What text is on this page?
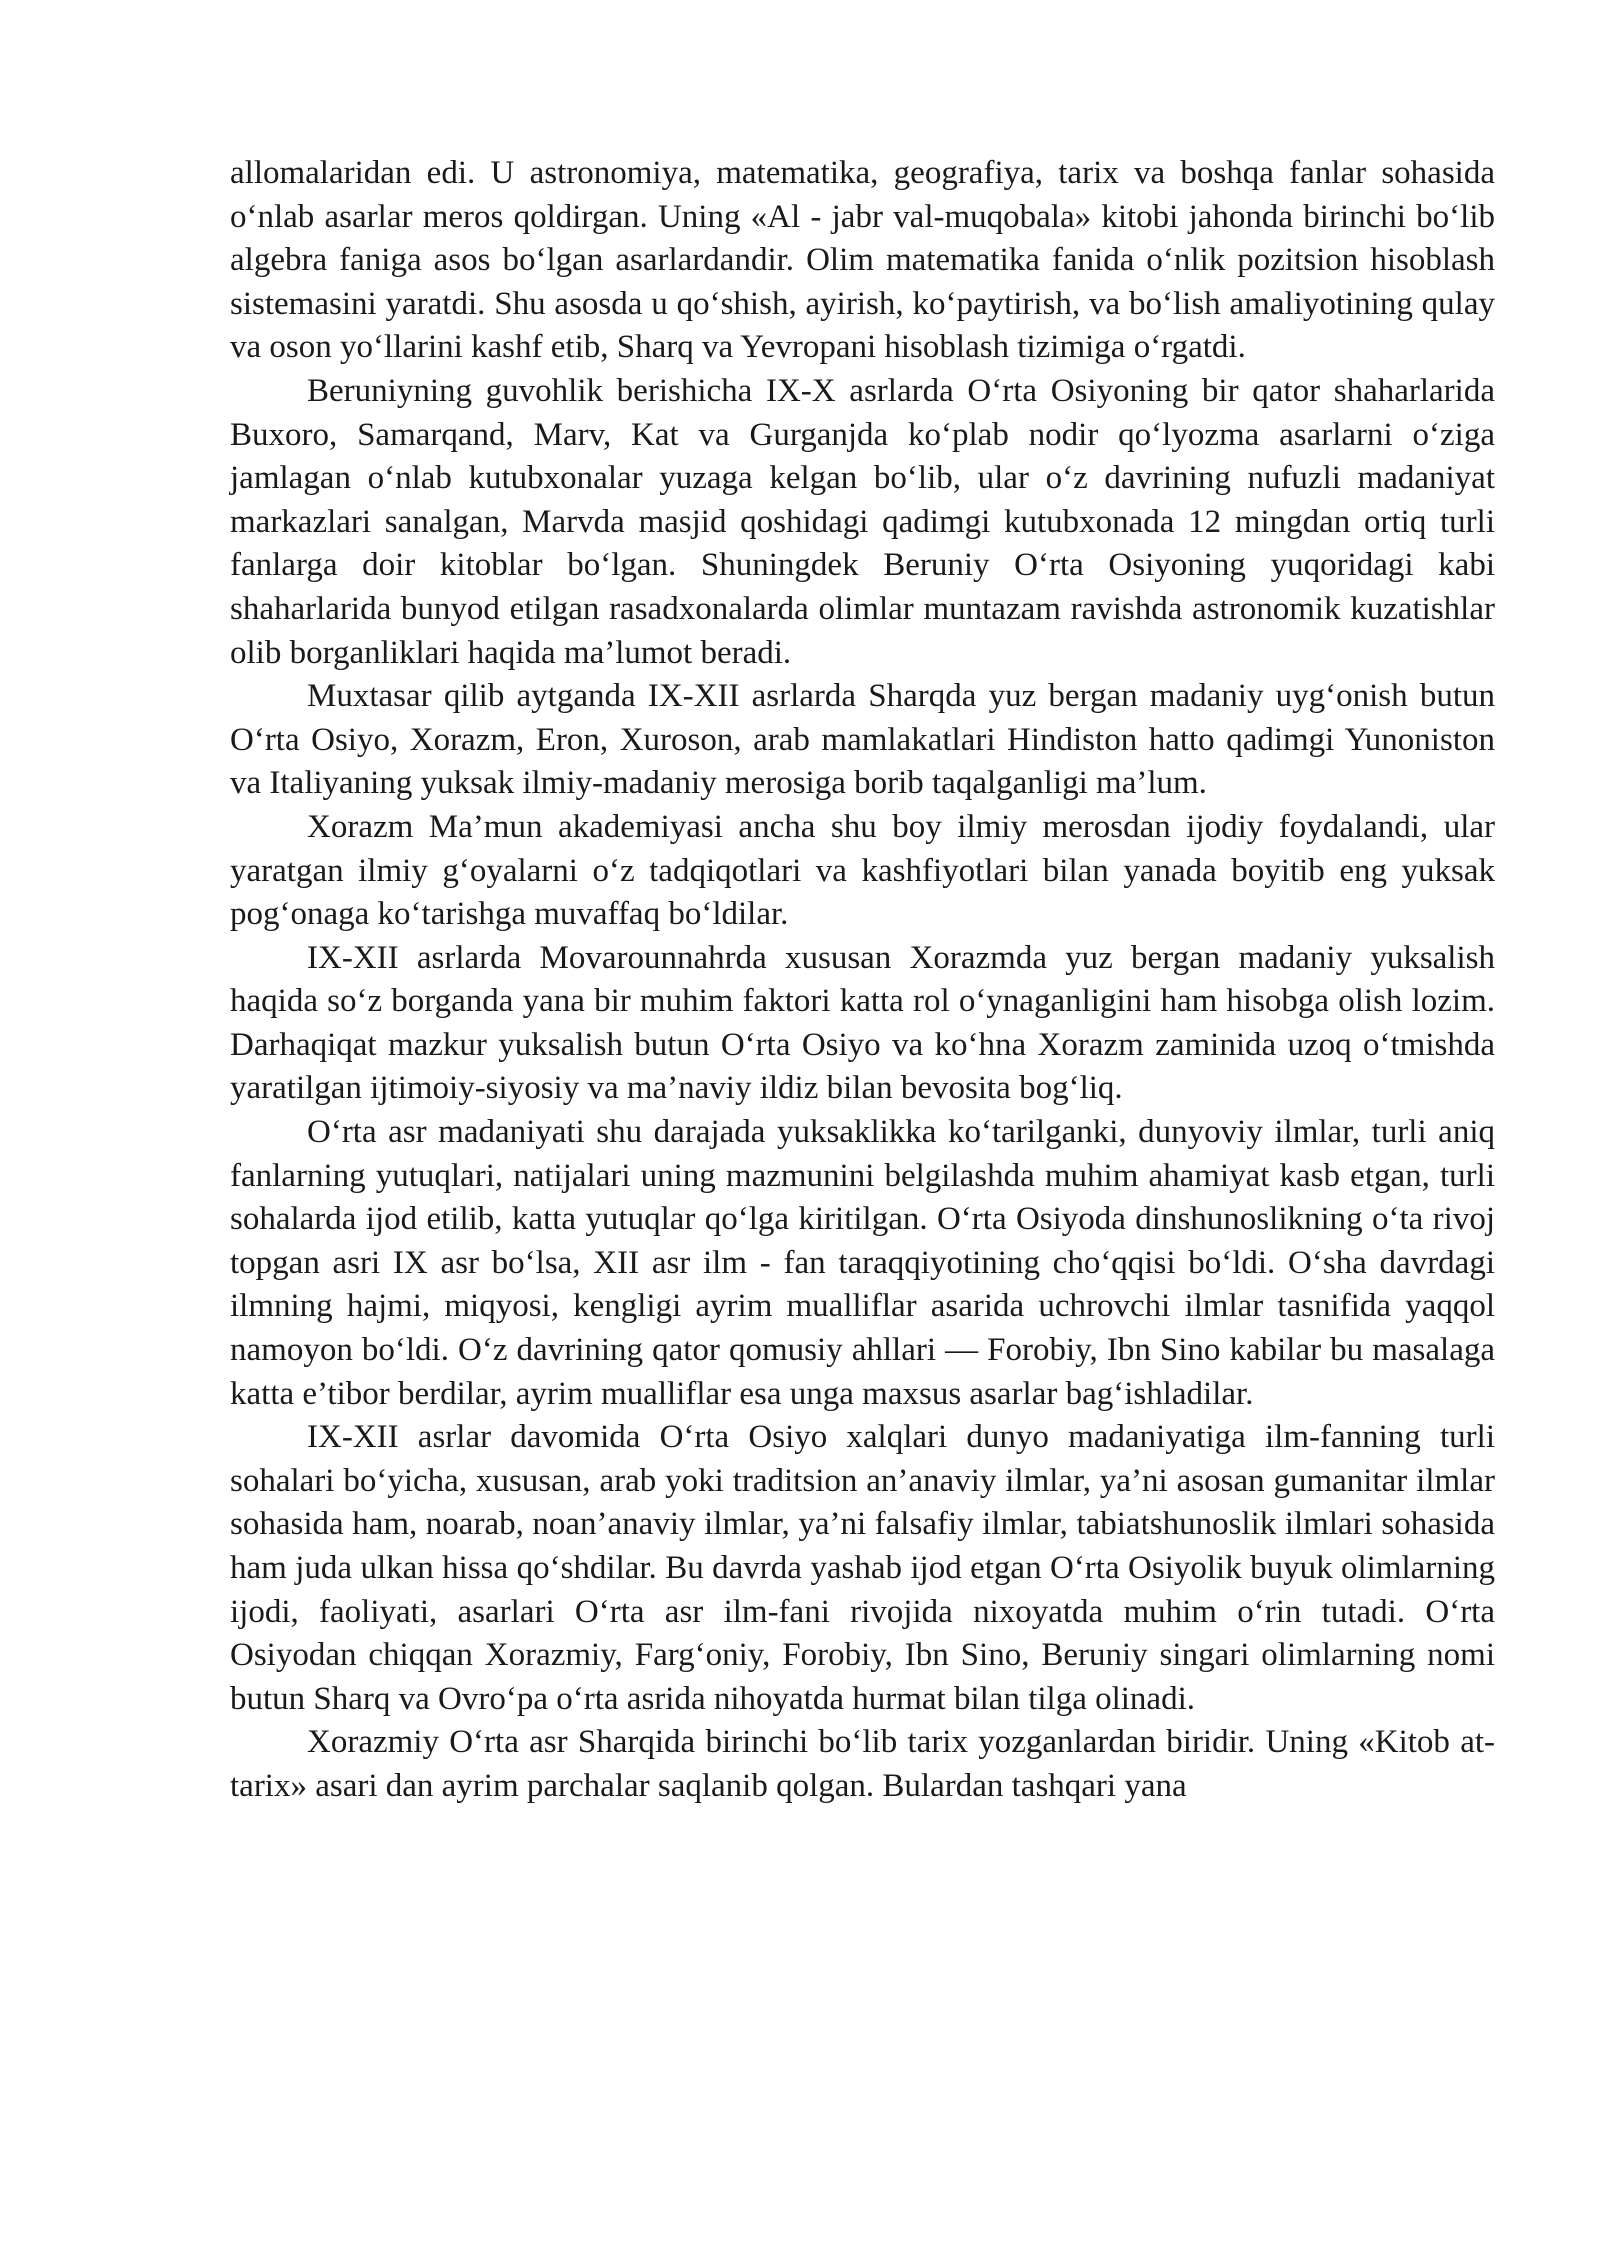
allomalaridan edi. U astronomiya, matematika, geografiya, tarix va boshqa fanlar sohasida o‘nlab asarlar meros qoldirgan. Uning «Al - jabr val-muqobala» kitobi jahonda birinchi bo‘lib algebra faniga asos bo‘lgan asarlardandir. Olim matematika fanida o‘nlik pozitsion hisoblash sistemasini yaratdi. Shu asosda u qo‘shish, ayirish, ko‘paytirish, va bo‘lish amaliyotining qulay va oson yo‘llarini kashf etib, Sharq va Yevropani hisoblash tizimiga o‘rgatdi.

Beruniyning guvohlik berishicha IX-X asrlarda O‘rta Osiyoning bir qator shaharlarida Buxoro, Samarqand, Marv, Kat va Gurganjda ko‘plab nodir qo‘lyozma asarlarni o‘ziga jamlagan o‘nlab kutubxonalar yuzaga kelgan bo‘lib, ular o‘z davrining nufuzli madaniyat markazlari sanalgan, Marvda masjid qoshidagi qadimgi kutubxonada 12 mingdan ortiq turli fanlarga doir kitoblar bo‘lgan. Shuningdek Beruniy O‘rta Osiyoning yuqoridagi kabi shaharlarida bunyod etilgan rasadxonalarda olimlar muntazam ravishda astronomik kuzatishlar olib borganliklari haqida ma’lumot beradi.

Muxtasar qilib aytganda IX-XII asrlarda Sharqda yuz bergan madaniy uyg‘onish butun O‘rta Osiyo, Xorazm, Eron, Xuroson, arab mamlakatlari Hindiston hatto qadimgi Yunoniston va Italiyaning yuksak ilmiy-madaniy merosiga borib taqalganligi ma’lum.

Xorazm Ma’mun akademiyasi ancha shu boy ilmiy merosdan ijodiy foydalandi, ular yaratgan ilmiy g‘oyalarni o‘z tadqiqotlari va kashfiyotlari bilan yanada boyitib eng yuksak pog‘onaga ko‘tarishga muvaffaq bo‘ldilar.

IX-XII asrlarda Movarounnahrda xususan Xorazmda yuz bergan madaniy yuksalish haqida so‘z borganda yana bir muhim faktori katta rol o‘ynaganligini ham hisobga olish lozim. Darhaqiqat mazkur yuksalish butun O‘rta Osiyo va ko‘hna Xorazm zaminida uzoq o‘tmishda yaratilgan ijtimoiy-siyosiy va ma’naviy ildiz bilan bevosita bog‘liq.

O‘rta asr madaniyati shu darajada yuksaklikka ko‘tarilganki, dunyoviy ilmlar, turli aniq fanlarning yutuqlari, natijalari uning mazmunini belgilashda muhim ahamiyat kasb etgan, turli sohalarda ijod etilib, katta yutuqlar qo‘lga kiritilgan. O‘rta Osiyoda dinshunoslikning o‘ta rivoj topgan asri IX asr bo‘lsa, XII asr ilm - fan taraqqiyotining cho‘qqisi bo‘ldi. O‘sha davrdagi ilmning hajmi, miqyosi, kengligi ayrim mualliflar asarida uchrovchi ilmlar tasnifida yaqqol namoyon bo‘ldi. O‘z davrining qator qomusiy ahllari — Forobiy, Ibn Sino kabilar bu masalaga katta e’tibor berdilar, ayrim mualliflar esa unga maxsus asarlar bag‘ishladilar.

IX-XII asrlar davomida O‘rta Osiyo xalqlari dunyo madaniyatiga ilm-fanning turli sohalari bo‘yicha, xususan, arab yoki traditsion an’anaviy ilmlar, ya’ni asosan gumanitar ilmlar sohasida ham, noarab, noan’anaviy ilmlar, ya’ni falsafiy ilmlar, tabiatshunoslik ilmlari sohasida ham juda ulkan hissa qo‘shdilar. Bu davrda yashab ijod etgan O‘rta Osiyolik buyuk olimlarning ijodi, faoliyati, asarlari O‘rta asr ilm-fani rivojida nixoyatda muhim o‘rin tutadi. O‘rta Osiyodan chiqqan Xorazmiy, Farg‘oniy, Forobiy, Ibn Sino, Beruniy singari olimlarning nomi butun Sharq va Ovro‘pa o‘rta asrida nihoyatda hurmat bilan tilga olinadi.

Xorazmiy O‘rta asr Sharqida birinchi bo‘lib tarix yozganlardan biridir. Uning «Kitob at-tarix» asari dan ayrim parchalar saqlanib qolgan. Bulardan tashqari yana
